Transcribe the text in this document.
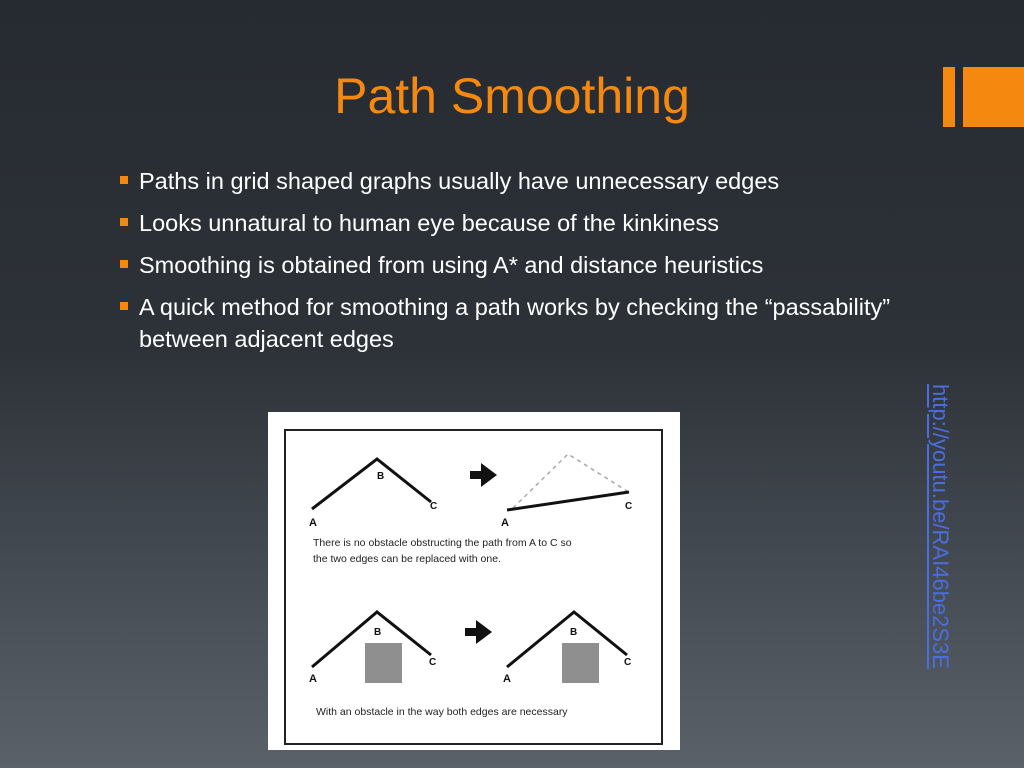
Path Smoothing
Paths in grid shaped graphs usually have unnecessary edges
Looks unnatural to human eye because of the kinkiness
Smoothing is obtained from using A* and distance heuristics
A quick method for smoothing a path works by checking the “passability” between adjacent edges
http://youtu.be/RAI46be2S3E
A
B
C
A
C
There is no obstacle obstructing the path from A to C so
the two edges can be replaced with one.
A
B
C
A
B
C
With an obstacle in the way both edges are necessary
